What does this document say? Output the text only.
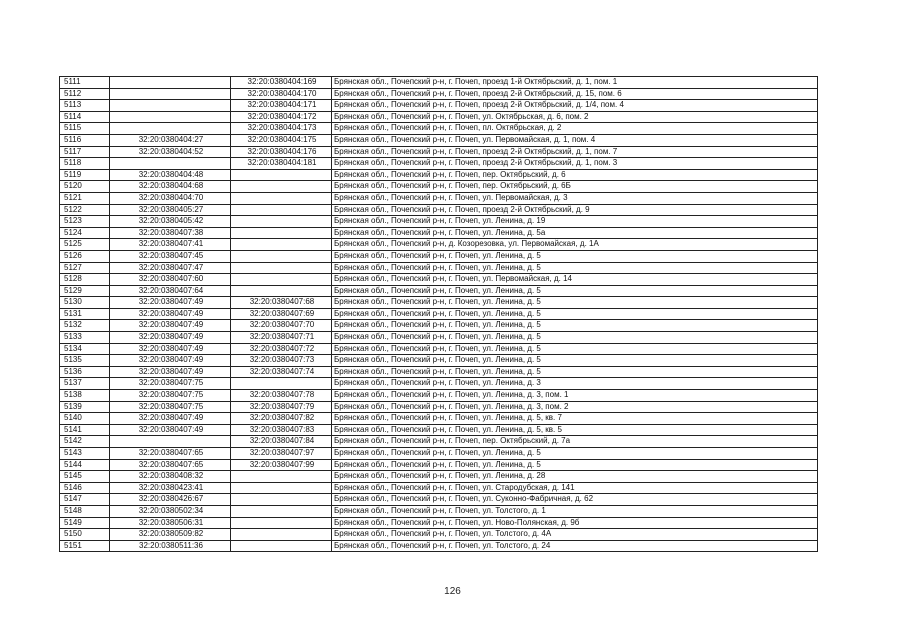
5111		32:20:0380404:169	Брянская обл., Почепский р-н, г. Почеп, проезд 1-й Октябрьский, д. 1, пом. 1
5112		32:20:0380404:170	Брянская обл., Почепский р-н, г. Почеп, проезд 2-й Октябрьский, д. 15, пом. 6
5113		32:20:0380404:171	Брянская обл., Почепский р-н, г. Почеп, проезд 2-й Октябрьский, д. 1/4, пом. 4
5114		32:20:0380404:172	Брянская обл., Почепский р-н, г. Почеп, ул. Октябрьская, д. 6, пом. 2
5115		32:20:0380404:173	Брянская обл., Почепский р-н, г. Почеп, пл. Октябрьская, д. 2
5116	32:20:0380404:27	32:20:0380404:175	Брянская обл., Почепский р-н, г. Почеп, ул. Первомайская, д. 1, пом. 4
5117	32:20:0380404:52	32:20:0380404:176	Брянская обл., Почепский р-н, г. Почеп, проезд 2-й Октябрьский, д. 1, пом. 7
5118		32:20:0380404:181	Брянская обл., Почепский р-н, г. Почеп, проезд 2-й Октябрьский, д. 1, пом. 3
5119	32:20:0380404:48		Брянская обл., Почепский р-н, г. Почеп, пер. Октябрьский, д. 6
5120	32:20:0380404:68		Брянская обл., Почепский р-н, г. Почеп, пер. Октябрьский, д. 6Б
5121	32:20:0380404:70		Брянская обл., Почепский р-н, г. Почеп, ул. Первомайская, д. 3
5122	32:20:0380405:27		Брянская обл., Почепский р-н, г. Почеп, проезд 2-й Октябрьский, д. 9
5123	32:20:0380405:42		Брянская обл., Почепский р-н, г. Почеп, ул. Ленина, д. 19
5124	32:20:0380407:38		Брянская обл., Почепский р-н, г. Почеп, ул. Ленина, д. 5а
5125	32:20:0380407:41		Брянская обл., Почепский р-н, д. Козорезовка, ул. Первомайская, д. 1А
5126	32:20:0380407:45		Брянская обл., Почепский р-н, г. Почеп, ул. Ленина, д. 5
5127	32:20:0380407:47		Брянская обл., Почепский р-н, г. Почеп, ул. Ленина, д. 5
5128	32:20:0380407:60		Брянская обл., Почепский р-н, г. Почеп, ул. Первомайская, д. 14
5129	32:20:0380407:64		Брянская обл., Почепский р-н, г. Почеп, ул. Ленина, д. 5
5130	32:20:0380407:49	32:20:0380407:68	Брянская обл., Почепский р-н, г. Почеп, ул. Ленина, д. 5
5131	32:20:0380407:49	32:20:0380407:69	Брянская обл., Почепский р-н, г. Почеп, ул. Ленина, д. 5
5132	32:20:0380407:49	32:20:0380407:70	Брянская обл., Почепский р-н, г. Почеп, ул. Ленина, д. 5
5133	32:20:0380407:49	32:20:0380407:71	Брянская обл., Почепский р-н, г. Почеп, ул. Ленина, д. 5
5134	32:20:0380407:49	32:20:0380407:72	Брянская обл., Почепский р-н, г. Почеп, ул. Ленина, д. 5
5135	32:20:0380407:49	32:20:0380407:73	Брянская обл., Почепский р-н, г. Почеп, ул. Ленина, д. 5
5136	32:20:0380407:49	32:20:0380407:74	Брянская обл., Почепский р-н, г. Почеп, ул. Ленина, д. 5
5137	32:20:0380407:75		Брянская обл., Почепский р-н, г. Почеп, ул. Ленина, д. 3
5138	32:20:0380407:75	32:20:0380407:78	Брянская обл., Почепский р-н, г. Почеп, ул. Ленина, д. 3, пом. 1
5139	32:20:0380407:75	32:20:0380407:79	Брянская обл., Почепский р-н, г. Почеп, ул. Ленина, д. 3, пом. 2
5140	32:20:0380407:49	32:20:0380407:82	Брянская обл., Почепский р-н, г. Почеп, ул. Ленина, д. 5, кв. 7
5141	32:20:0380407:49	32:20:0380407:83	Брянская обл., Почепский р-н, г. Почеп, ул. Ленина, д. 5, кв. 5
5142		32:20:0380407:84	Брянская обл., Почепский р-н, г. Почеп, пер. Октябрьский, д. 7а
5143	32:20:0380407:65	32:20:0380407:97	Брянская обл., Почепский р-н, г. Почеп, ул. Ленина, д. 5
5144	32:20:0380407:65	32:20:0380407:99	Брянская обл., Почепский р-н, г. Почеп, ул. Ленина, д. 5
5145	32:20:0380408:32		Брянская обл., Почепский р-н, г. Почеп, ул. Ленина, д. 28
5146	32:20:0380423:41		Брянская обл., Почепский р-н, г. Почеп, ул. Стародубская, д. 141
5147	32:20:0380426:67		Брянская обл., Почепский р-н, г. Почеп, ул. Суконно-Фабричная, д. 62
5148	32:20:0380502:34		Брянская обл., Почепский р-н, г. Почеп, ул. Толстого, д. 1
5149	32:20:0380506:31		Брянская обл., Почепский р-н, г. Почеп, ул. Ново-Полянская, д. 9б
5150	32:20:0380509:82		Брянская обл., Почепский р-н, г. Почеп, ул. Толстого, д. 4А
5151	32:20:0380511:36		Брянская обл., Почепский р-н, г. Почеп, ул. Толстого, д. 24
126
